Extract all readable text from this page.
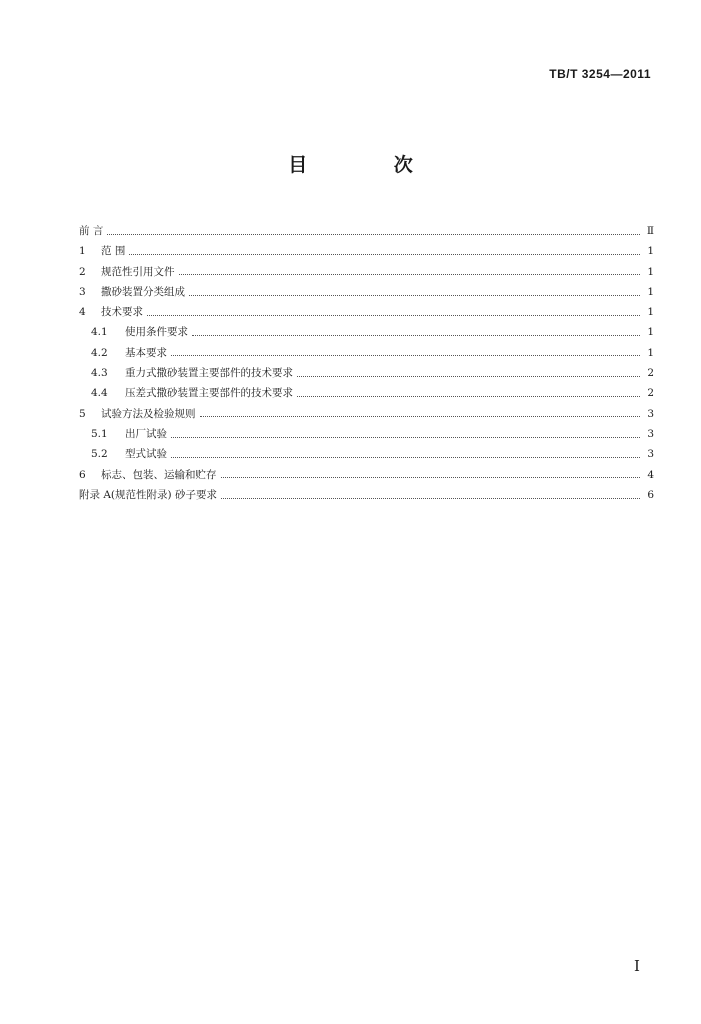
TB/T 3254—2011
目 次
前 言	Ⅱ
1	范 围	1
2	规范性引用文件	1
3	撒砂装置分类组成	1
4	技术要求	1
4.1	使用条件要求	1
4.2	基本要求	1
4.3	重力式撒砂装置主要部件的技术要求	2
4.4	压差式撒砂装置主要部件的技术要求	2
5	试验方法及检验规则	3
5.1	出厂试验	3
5.2	型式试验	3
6	标志、包装、运输和贮存	4
附录 A(规范性附录) 砂子要求	6
I
